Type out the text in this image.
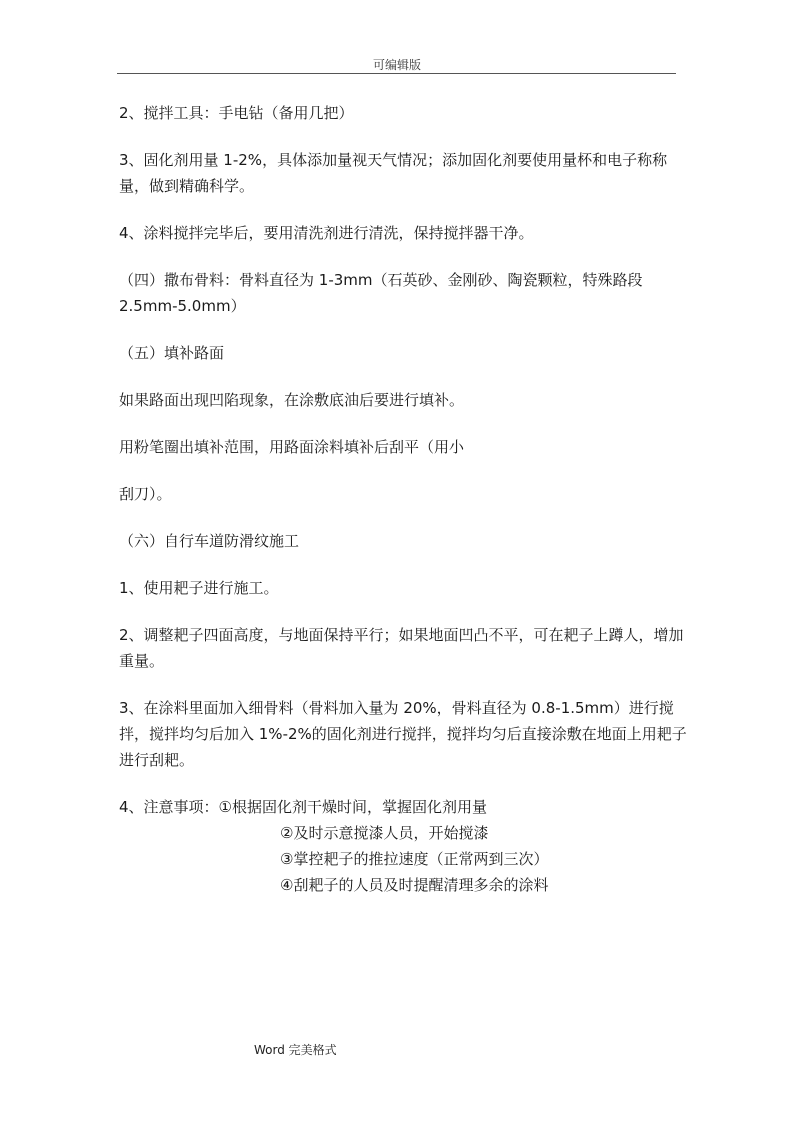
可编辑版

2、搅拌工具：手电钻（备用几把）

3、固化剂用量 1-2%，具体添加量视天气情况；添加固化剂要使用量杯和电子称称量，做到精确科学。

4、涂料搅拌完毕后，要用清洗剂进行清洗，保持搅拌器干净。

（四）撒布骨料：骨料直径为 1-3mm（石英砂、金刚砂、陶瓷颗粒，特殊路段 2.5mm-5.0mm）

（五）填补路面

如果路面出现凹陷现象，在涂敷底油后要进行填补。

用粉笔圈出填补范围，用路面涂料填补后刮平（用小

刮刀）。

（六）自行车道防滑纹施工

1、使用耙子进行施工。

2、调整耙子四面高度，与地面保持平行；如果地面凹凸不平，可在耙子上蹲人，增加重量。

3、在涂料里面加入细骨料（骨料加入量为 20%，骨料直径为 0.8-1.5mm）进行搅拌，搅拌均匀后加入 1%-2%的固化剂进行搅拌，搅拌均匀后直接涂敷在地面上用耙子进行刮耙。

4、注意事项：①根据固化剂干燥时间，掌握固化剂用量

②及时示意搅漆人员，开始搅漆

③掌控耙子的推拉速度（正常两到三次）

④刮耙子的人员及时提醒清理多余的涂料

Word 完美格式
